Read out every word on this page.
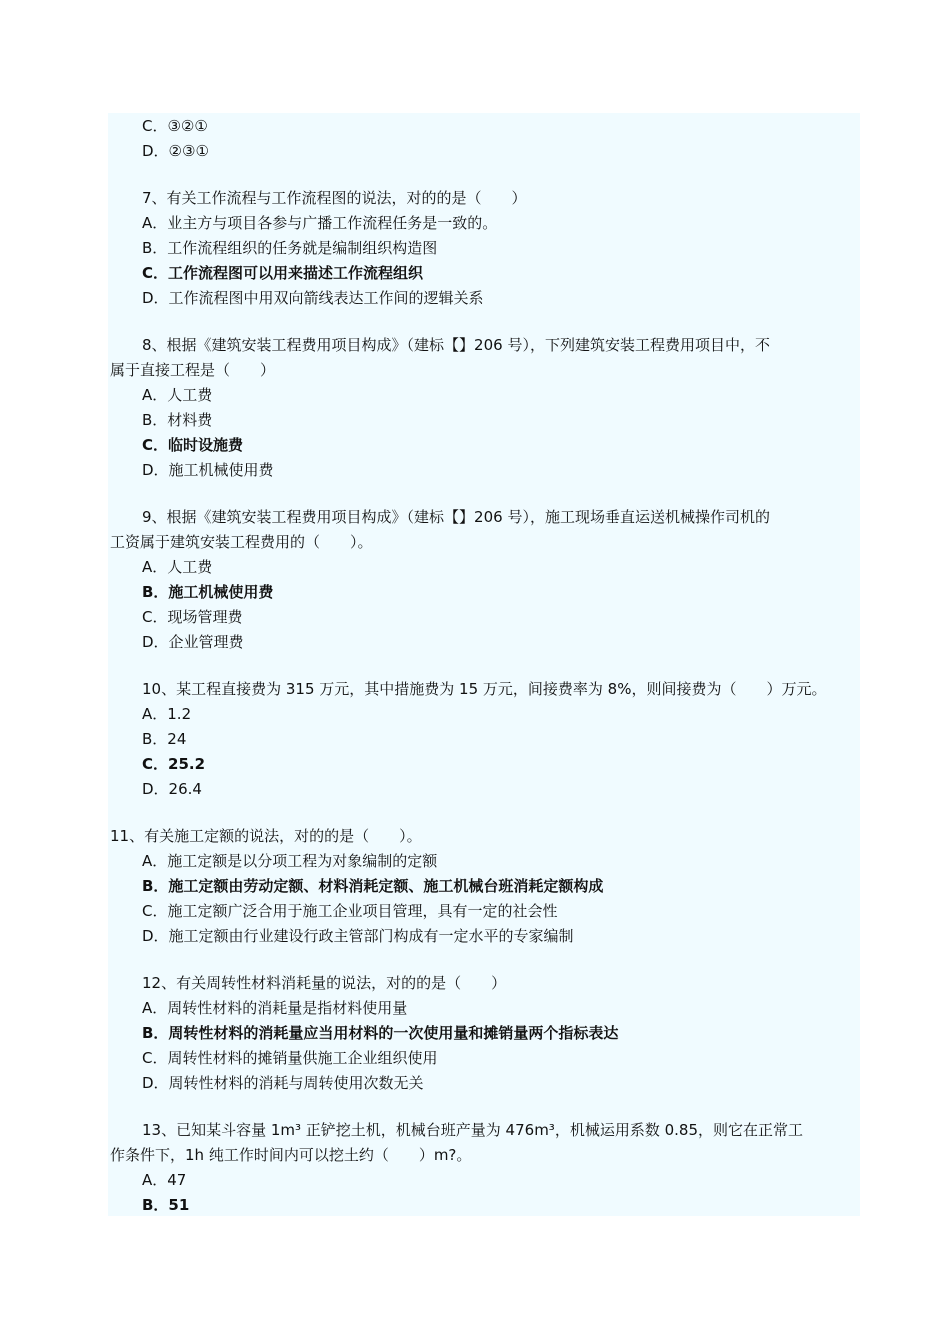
C．③②①
D．②③①
7、有关工作流程与工作流程图的说法，对的的是（　　）
A．业主方与项目各参与广播工作流程任务是一致的。
B．工作流程组织的任务就是编制组织构造图
C．工作流程图可以用来描述工作流程组织
D．工作流程图中用双向箭线表达工作间的逻辑关系
8、根据《建筑安装工程费用项目构成》（建标【】206 号），下列建筑安装工程费用项目中，不
属于直接工程是（　　）
A．人工费
B．材料费
C．临时设施费
D．施工机械使用费
9、根据《建筑安装工程费用项目构成》（建标【】206 号），施工现场垂直运送机械操作司机的
工资属于建筑安装工程费用的（　　）。
A．人工费
B．施工机械使用费
C．现场管理费
D．企业管理费
10、某工程直接费为 315 万元，其中措施费为 15 万元，间接费率为 8%，则间接费为（　　）万元。
A．1.2
B．24
C．25.2
D．26.4
11、有关施工定额的说法，对的的是（　　）。
A．施工定额是以分项工程为对象编制的定额
B．施工定额由劳动定额、材料消耗定额、施工机械台班消耗定额构成
C．施工定额广泛合用于施工企业项目管理，具有一定的社会性
D．施工定额由行业建设行政主管部门构成有一定水平的专家编制
12、有关周转性材料消耗量的说法，对的的是（　　）
A．周转性材料的消耗量是指材料使用量
B．周转性材料的消耗量应当用材料的一次使用量和摊销量两个指标表达
C．周转性材料的摊销量供施工企业组织使用
D．周转性材料的消耗与周转使用次数无关
13、已知某斗容量 1m³ 正铲挖土机，机械台班产量为 476m³，机械运用系数 0.85，则它在正常工
作条件下，1h 纯工作时间内可以挖土约（　　）m?。
A．47
B．51
